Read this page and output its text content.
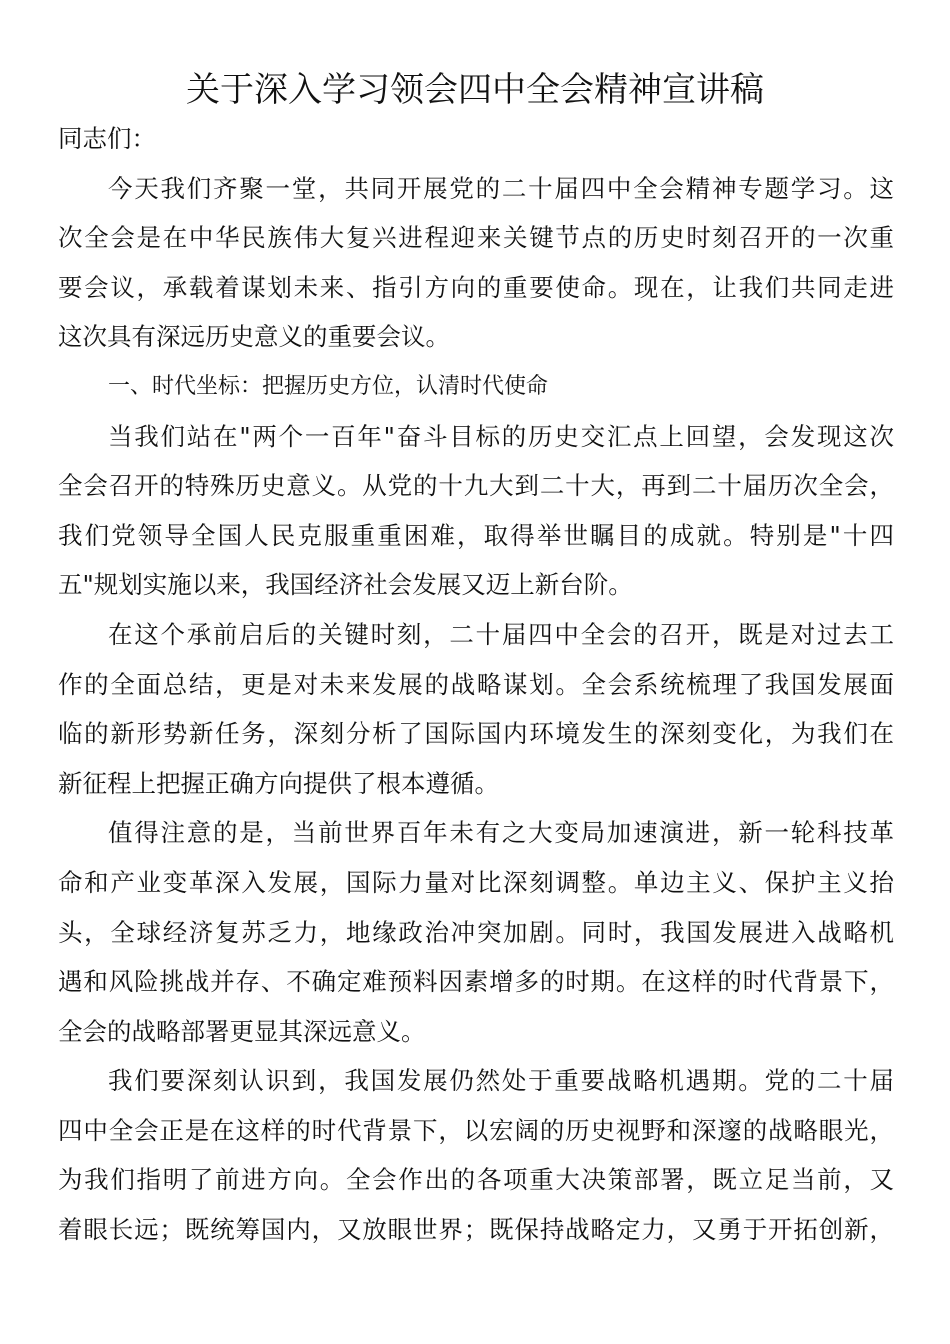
关于深入学习领会四中全会精神宣讲稿
同志们：
今天我们齐聚一堂，共同开展党的二十届四中全会精神专题学习。这
次全会是在中华民族伟大复兴进程迎来关键节点的历史时刻召开的一次重
要会议，承载着谋划未来、指引方向的重要使命。现在，让我们共同走进
这次具有深远历史意义的重要会议。
一、时代坐标：把握历史方位，认清时代使命
当我们站在"两个一百年"奋斗目标的历史交汇点上回望，会发现这次
全会召开的特殊历史意义。从党的十九大到二十大，再到二十届历次全会，
我们党领导全国人民克服重重困难，取得举世瞩目的成就。特别是"十四
五"规划实施以来，我国经济社会发展又迈上新台阶。
在这个承前启后的关键时刻，二十届四中全会的召开，既是对过去工
作的全面总结，更是对未来发展的战略谋划。全会系统梳理了我国发展面
临的新形势新任务，深刻分析了国际国内环境发生的深刻变化，为我们在
新征程上把握正确方向提供了根本遵循。
值得注意的是，当前世界百年未有之大变局加速演进，新一轮科技革
命和产业变革深入发展，国际力量对比深刻调整。单边主义、保护主义抬
头，全球经济复苏乏力，地缘政治冲突加剧。同时，我国发展进入战略机
遇和风险挑战并存、不确定难预料因素增多的时期。在这样的时代背景下，
全会的战略部署更显其深远意义。
我们要深刻认识到，我国发展仍然处于重要战略机遇期。党的二十届
四中全会正是在这样的时代背景下，以宏阔的历史视野和深邃的战略眼光，
为我们指明了前进方向。全会作出的各项重大决策部署，既立足当前，又
着眼长远；既统筹国内，又放眼世界；既保持战略定力，又勇于开拓创新，
